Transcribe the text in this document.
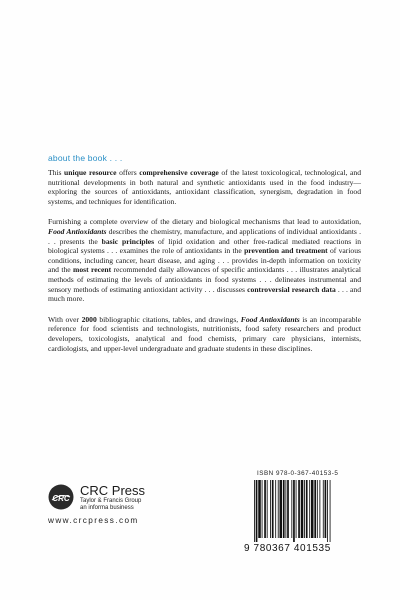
about the book . . .

This unique resource offers comprehensive coverage of the latest toxicological, technological, and nutritional developments in both natural and synthetic antioxidants used in the food industry—exploring the sources of antioxidants, antioxidant classification, synergism, degradation in food systems, and techniques for identification.

Furnishing a complete overview of the dietary and biological mechanisms that lead to autoxidation, Food Antioxidants describes the chemistry, manufacture, and applications of individual antioxidants . . . presents the basic principles of lipid oxidation and other free-radical mediated reactions in biological systems . . . examines the role of antioxidants in the prevention and treatment of various conditions, including cancer, heart disease, and aging . . . provides in-depth information on toxicity and the most recent recommended daily allowances of specific antioxidants . . . illustrates analytical methods of estimating the levels of antioxidants in food systems . . . delineates instrumental and sensory methods of estimating antioxidant activity . . . discusses controversial research data . . . and much more.

With over 2000 bibliographic citations, tables, and drawings, Food Antioxidants is an incomparable reference for food scientists and technologists, nutritionists, food safety researchers and product developers, toxicologists, analytical and food chemists, primary care physicians, internists, cardiologists, and upper-level undergraduate and graduate students in these disciplines.

CRC
CRC Press
Taylor & Francis Group
an informa business
www.crcpress.com
ISBN 978-0-367-40153-5
9 780367 401535
